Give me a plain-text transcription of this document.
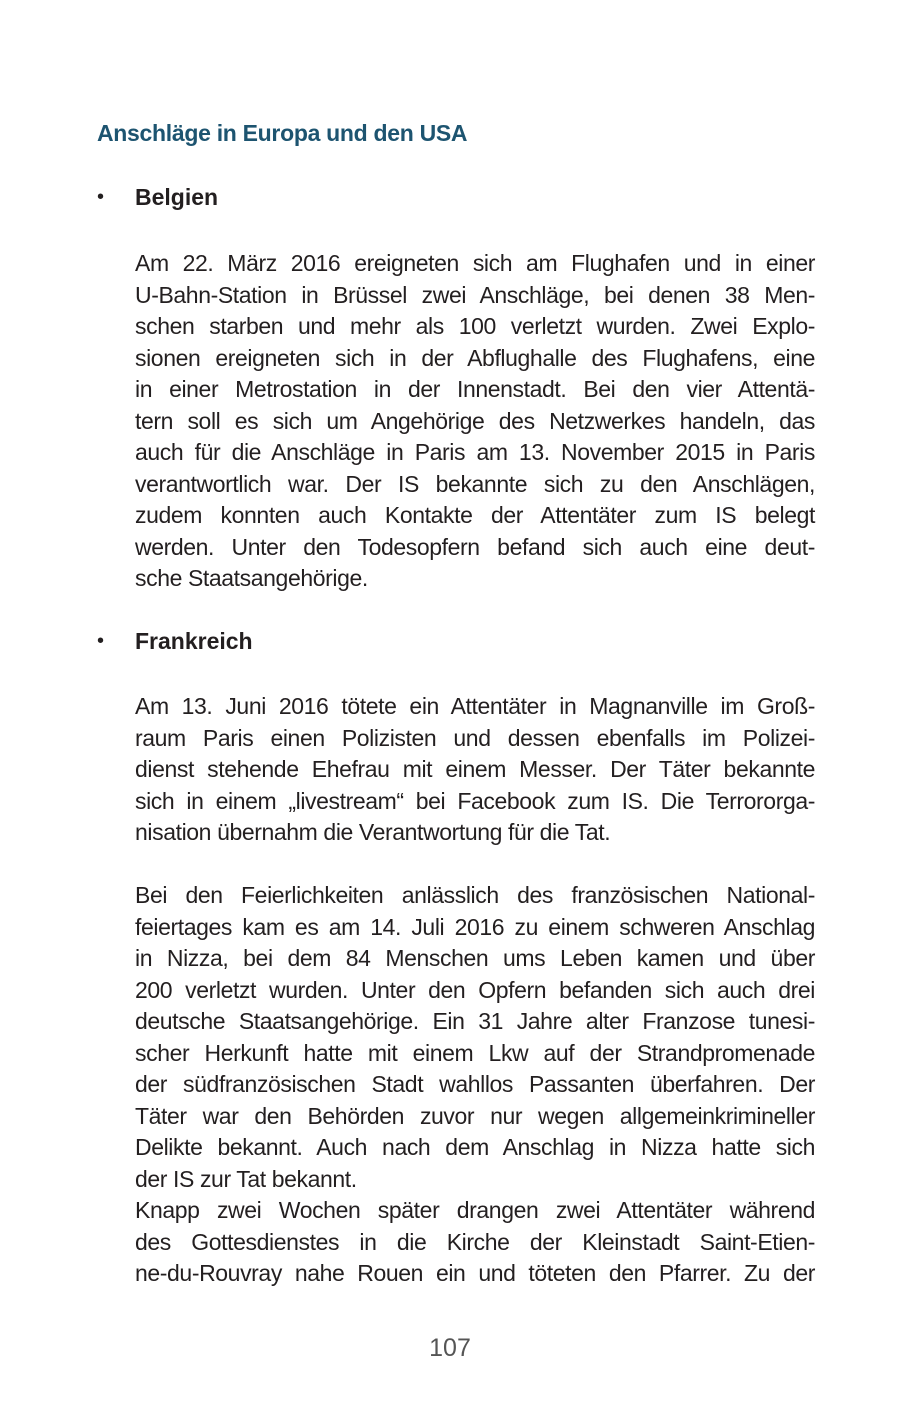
Anschläge in Europa und den USA
• Belgien
Am 22. März 2016 ereigneten sich am Flughafen und in einer
U-Bahn-Station in Brüssel zwei Anschläge, bei denen 38 Men-
schen starben und mehr als 100 verletzt wurden. Zwei Explo-
sionen ereigneten sich in der Abflughalle des Flughafens, eine
in einer Metrostation in der Innenstadt. Bei den vier Attentä-
tern soll es sich um Angehörige des Netzwerkes handeln, das
auch für die Anschläge in Paris am 13. November 2015 in Paris
verantwortlich war. Der IS bekannte sich zu den Anschlägen,
zudem konnten auch Kontakte der Attentäter zum IS belegt
werden. Unter den Todesopfern befand sich auch eine deut-
sche Staatsangehörige.
• Frankreich
Am 13. Juni 2016 tötete ein Attentäter in Magnanville im Groß-
raum Paris einen Polizisten und dessen ebenfalls im Polizei-
dienst stehende Ehefrau mit einem Messer. Der Täter bekannte
sich in einem „livestream“ bei Facebook zum IS. Die Terrororga-
nisation übernahm die Verantwortung für die Tat.
Bei den Feierlichkeiten anlässlich des französischen National-
feiertages kam es am 14. Juli 2016 zu einem schweren Anschlag
in Nizza, bei dem 84 Menschen ums Leben kamen und über
200 verletzt wurden. Unter den Opfern befanden sich auch drei
deutsche Staatsangehörige. Ein 31 Jahre alter Franzose tunesi-
scher Herkunft hatte mit einem Lkw auf der Strandpromenade
der südfranzösischen Stadt wahllos Passanten überfahren. Der
Täter war den Behörden zuvor nur wegen allgemeinkrimineller
Delikte bekannt. Auch nach dem Anschlag in Nizza hatte sich
der IS zur Tat bekannt.
Knapp zwei Wochen später drangen zwei Attentäter während
des Gottesdienstes in die Kirche der Kleinstadt Saint-Etien-
ne-du-Rouvray nahe Rouen ein und töteten den Pfarrer. Zu der
107
